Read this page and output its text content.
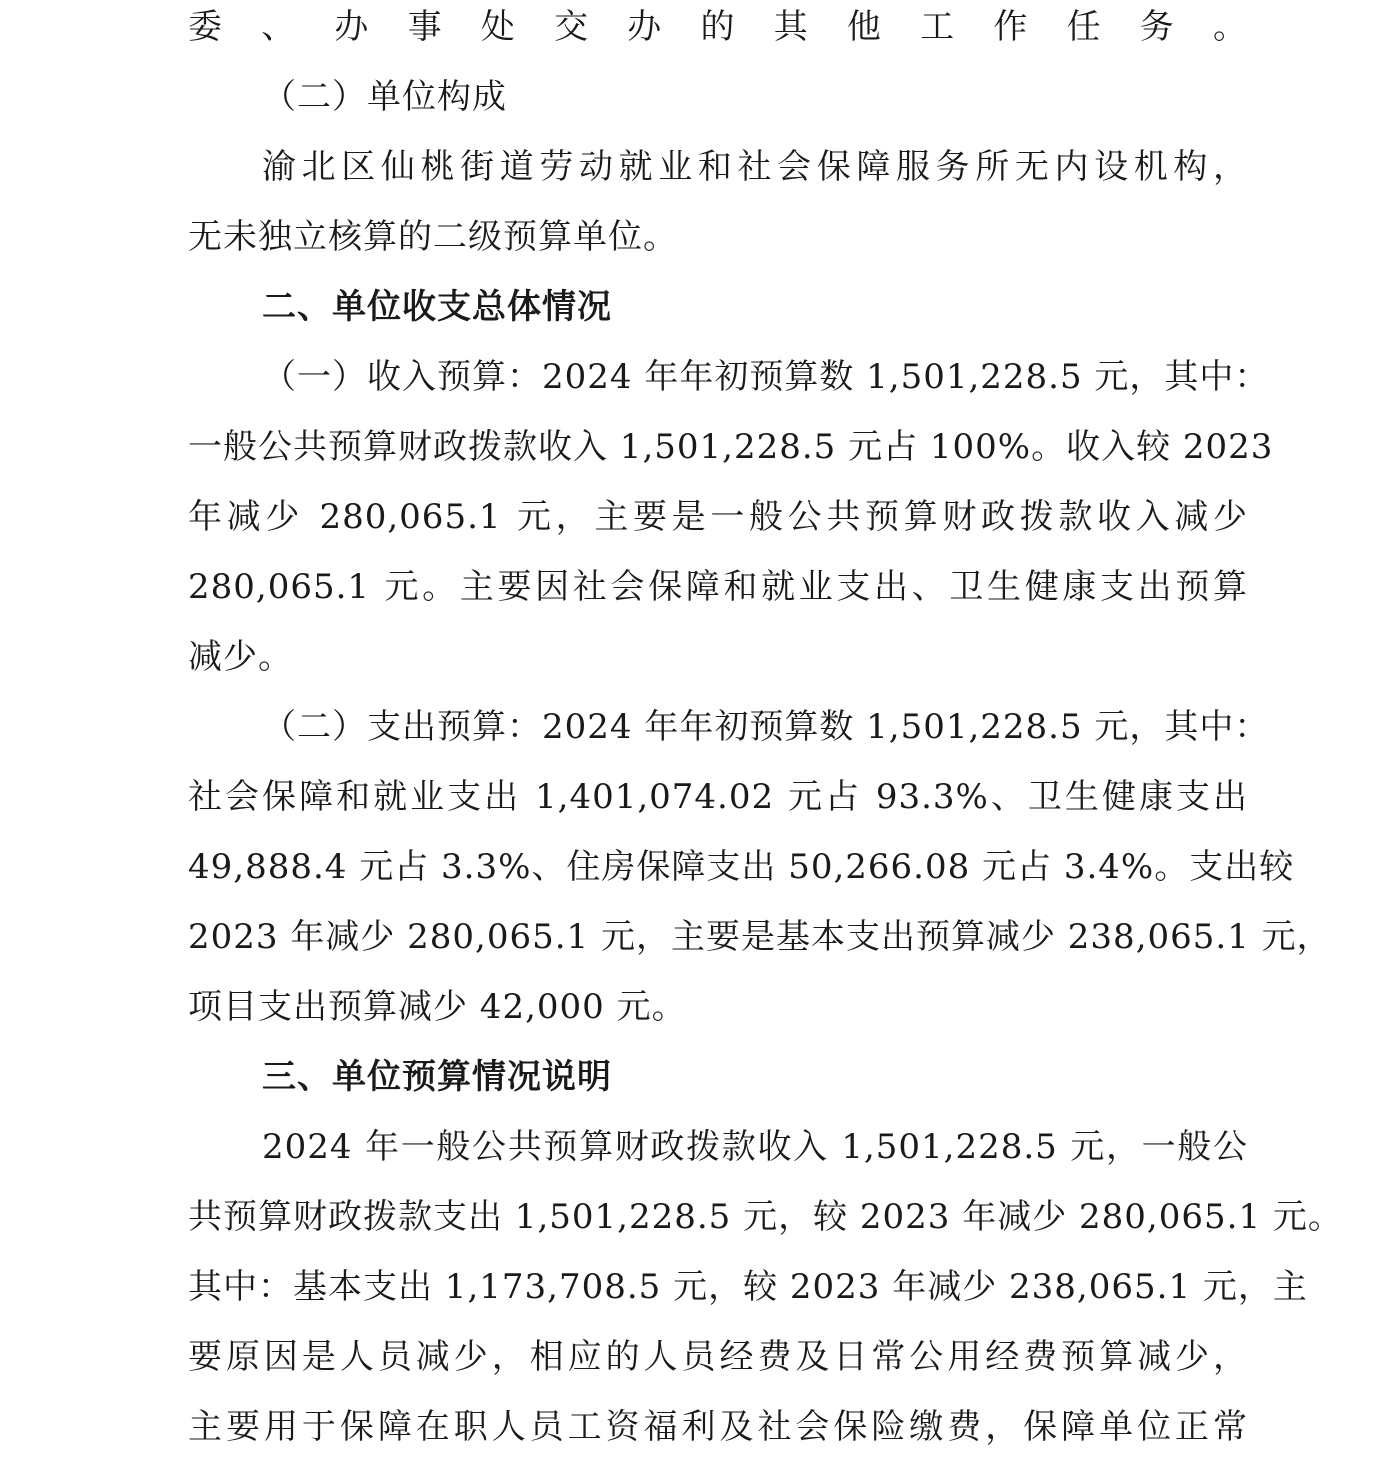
委、办事处交办的其他工作任务。
（二）单位构成
渝北区仙桃街道劳动就业和社会保障服务所无内设机构，
无未独立核算的二级预算单位。
二、单位收支总体情况
（一）收入预算：2024 年年初预算数 1,501,228.5 元，其中：
一般公共预算财政拨款收入 1,501,228.5 元占 100%。收入较 2023
年减少 280,065.1 元，主要是一般公共预算财政拨款收入减少
280,065.1 元。主要因社会保障和就业支出、卫生健康支出预算
减少。
（二）支出预算：2024 年年初预算数 1,501,228.5 元，其中：
社会保障和就业支出 1,401,074.02 元占 93.3%、卫生健康支出
49,888.4 元占 3.3%、住房保障支出 50,266.08 元占 3.4%。支出较
2023 年减少 280,065.1 元，主要是基本支出预算减少 238,065.1 元，
项目支出预算减少 42,000 元。
三、单位预算情况说明
2024 年一般公共预算财政拨款收入 1,501,228.5 元，一般公
共预算财政拨款支出 1,501,228.5 元，较 2023 年减少 280,065.1 元。
其中：基本支出 1,173,708.5 元，较 2023 年减少 238,065.1 元，主
要原因是人员减少，相应的人员经费及日常公用经费预算减少，
主要用于保障在职人员工资福利及社会保险缴费，保障单位正常
